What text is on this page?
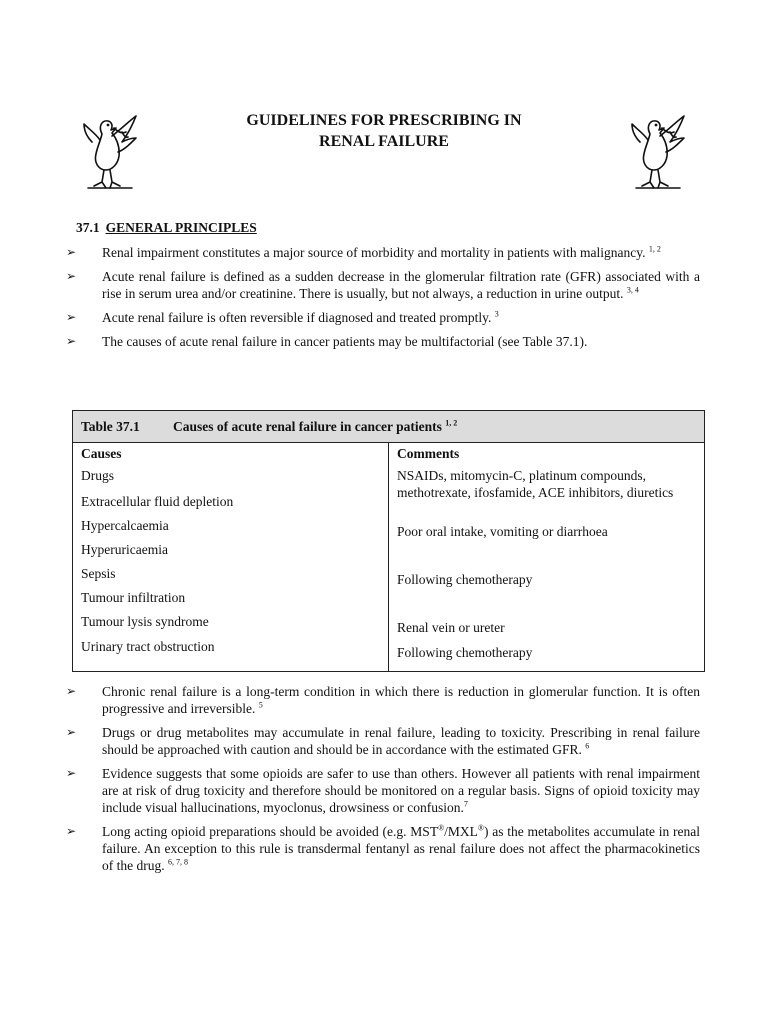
GUIDELINES FOR PRESCRIBING IN
RENAL FAILURE
37.1 GENERAL PRINCIPLES
➢ Renal impairment constitutes a major source of morbidity and mortality in patients with malignancy. $^{1, 2}$
➢ Acute renal failure is defined as a sudden decrease in the glomerular filtration rate (GFR) associated with a rise in serum urea and/or creatinine. There is usually, but not always, a reduction in urine output. $^{3, 4}$
➢ Acute renal failure is often reversible if diagnosed and treated promptly. $^3$
➢ The causes of acute renal failure in cancer patients may be multifactorial (see Table 37.1).
Table 37.1 Causes of acute renal failure in cancer patients $^{1, 2}$
Causes
Drugs
Extracellular fluid depletion
Hypercalcaemia
Hyperuricaemia
Sepsis
Tumour infiltration
Tumour lysis syndrome
Urinary tract obstruction
Comments
NSAIDs, mitomycin-C, platinum compounds, methotrexate, ifosfamide, ACE inhibitors, diuretics
Poor oral intake, vomiting or diarrhoea
Following chemotherapy
Renal vein or ureter
Following chemotherapy
➢ Chronic renal failure is a long-term condition in which there is reduction in glomerular function. It is often progressive and irreversible. $^5$
➢ Drugs or drug metabolites may accumulate in renal failure, leading to toxicity. Prescribing in renal failure should be approached with caution and should be in accordance with the estimated GFR. $^6$
➢ Evidence suggests that some opioids are safer to use than others. However all patients with renal impairment are at risk of drug toxicity and therefore should be monitored on a regular basis. Signs of opioid toxicity may include visual hallucinations, myoclonus, drowsiness or confusion.$^7$
➢ Long acting opioid preparations should be avoided (e.g. MST®/MXL®) as the metabolites accumulate in renal failure. An exception to this rule is transdermal fentanyl as renal failure does not affect the pharmacokinetics of the drug. $^{6, 7, 8}$
